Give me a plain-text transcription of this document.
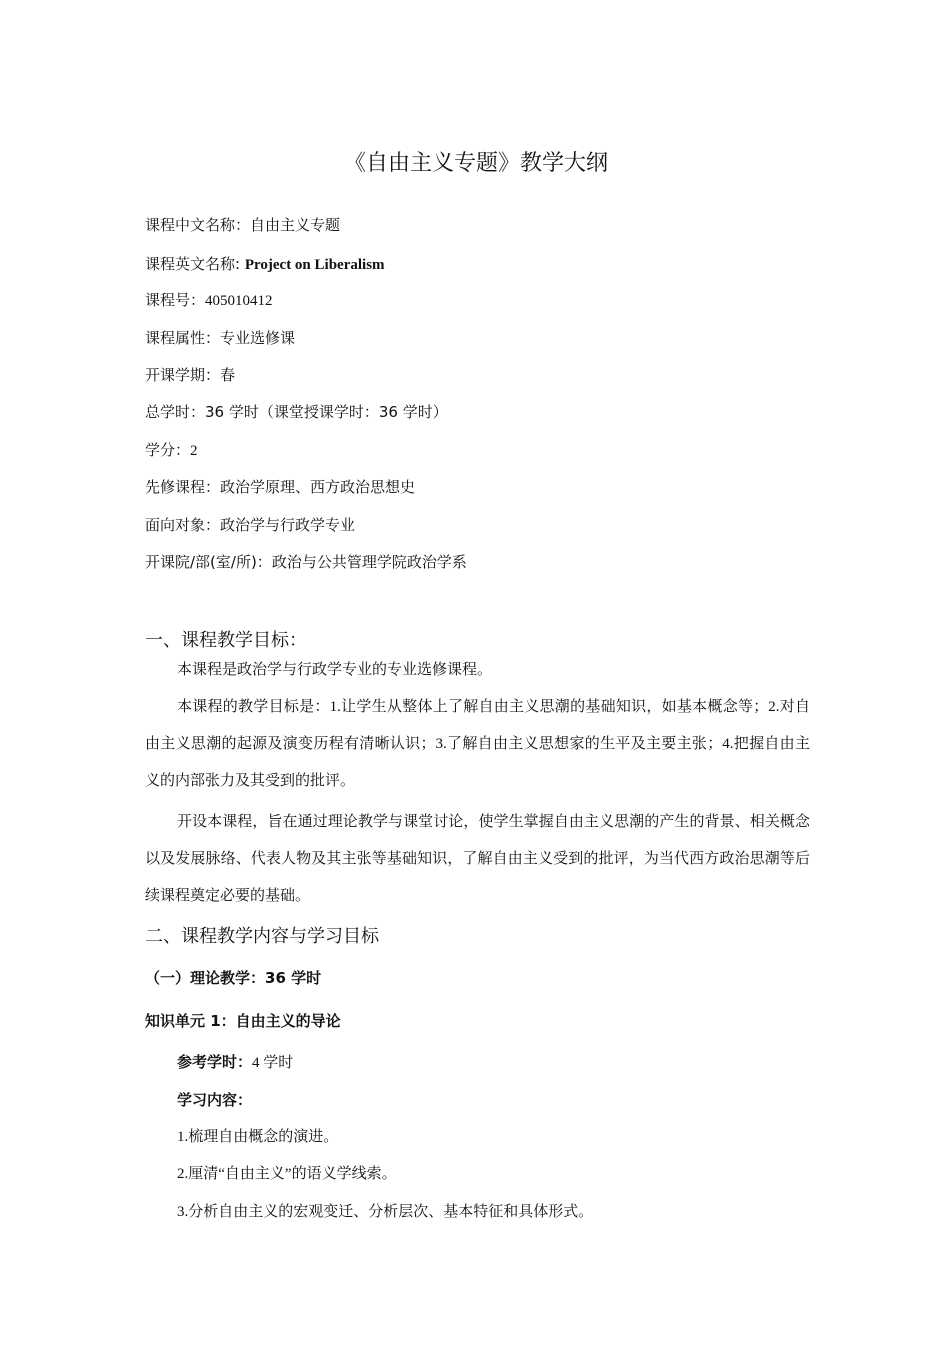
《自由主义专题》教学大纲
课程中文名称：自由主义专题
课程英文名称: Project on Liberalism
课程号：405010412
课程属性：专业选修课
开课学期：春
总学时：36 学时（课堂授课学时：36 学时）
学分：2
先修课程：政治学原理、西方政治思想史
面向对象：政治学与行政学专业
开课院/部(室/所)：政治与公共管理学院政治学系
一、课程教学目标：
本课程是政治学与行政学专业的专业选修课程。
本课程的教学目标是：1.让学生从整体上了解自由主义思潮的基础知识，如基本概念等；2.对自由主义思潮的起源及演变历程有清晰认识；3.了解自由主义思想家的生平及主要主张；4.把握自由主义的内部张力及其受到的批评。
开设本课程，旨在通过理论教学与课堂讨论，使学生掌握自由主义思潮的产生的背景、相关概念以及发展脉络、代表人物及其主张等基础知识，了解自由主义受到的批评，为当代西方政治思潮等后续课程奠定必要的基础。
二、课程教学内容与学习目标
（一）理论教学：36 学时
知识单元 1：自由主义的导论
参考学时：4 学时
学习内容：
1.梳理自由概念的演进。
2.厘清“自由主义”的语义学线索。
3.分析自由主义的宏观变迁、分析层次、基本特征和具体形式。
